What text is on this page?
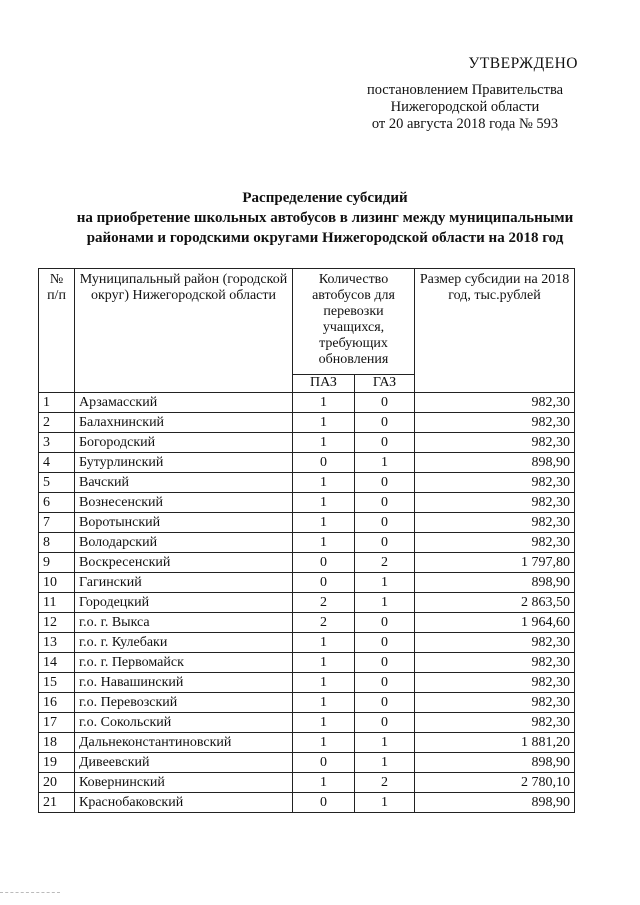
УТВЕРЖДЕНО
постановлением Правительства
Нижегородской области
от 20 августа 2018 года № 593
Распределение субсидий
на приобретение школьных автобусов в лизинг между муниципальными
районами и городскими округами Нижегородской области на 2018 год
№ п/п	Муниципальный район (городской округ) Нижегородской области	Количество автобусов для перевозки учащихся, требующих обновления		Размер субсидии на 2018 год, тыс.рублей
		ПАЗ	ГАЗ	
1	Арзамасский	1	0	982,30
2	Балахнинский	1	0	982,30
3	Богородский	1	0	982,30
4	Бутурлинский	0	1	898,90
5	Вачский	1	0	982,30
6	Вознесенский	1	0	982,30
7	Воротынский	1	0	982,30
8	Володарский	1	0	982,30
9	Воскресенский	0	2	1 797,80
10	Гагинский	0	1	898,90
11	Городецкий	2	1	2 863,50
12	г.о. г. Выкса	2	0	1 964,60
13	г.о. г. Кулебаки	1	0	982,30
14	г.о. г. Первомайск	1	0	982,30
15	г.о. Навашинский	1	0	982,30
16	г.о. Перевозский	1	0	982,30
17	г.о. Сокольский	1	0	982,30
18	Дальнеконстантиновский	1	1	1 881,20
19	Дивеевский	0	1	898,90
20	Ковернинский	1	2	2 780,10
21	Краснобаковский	0	1	898,90
